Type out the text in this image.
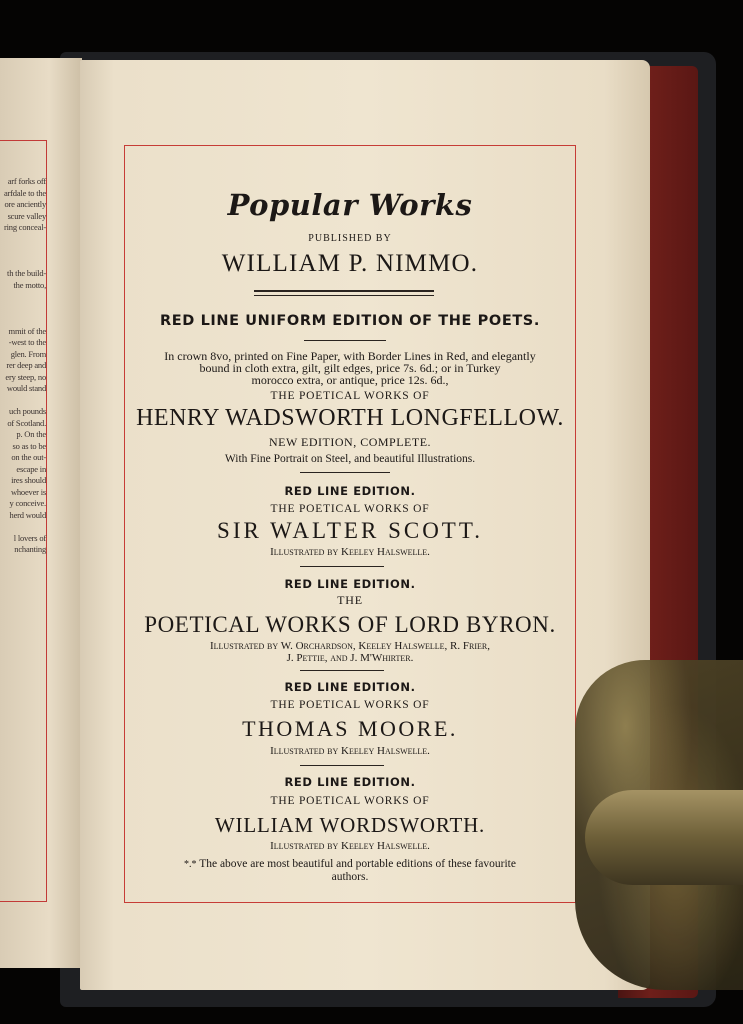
arf forks off
arfdale to the
ore anciently
scure valley
ring conceal-

th the build-
the motto,

mmit of the
-west to the
glen. From
rer deep and
ery steep, no
would stand

uch pounds
of Scotland.
p. On the
so as to be
on the out-
escape in
ires should
whoever is
y conceive.
herd would

l lovers of
nchanting
Popular Works
PUBLISHED BY
WILLIAM P. NIMMO.
RED LINE UNIFORM EDITION OF THE POETS.
In crown 8vo, printed on Fine Paper, with Border Lines in Red, and elegantly
bound in cloth extra, gilt, gilt edges, price 7s. 6d.; or in Turkey
morocco extra, or antique, price 12s. 6d.,
THE POETICAL WORKS OF
HENRY WADSWORTH LONGFELLOW.
NEW EDITION, COMPLETE.
With Fine Portrait on Steel, and beautiful Illustrations.
RED LINE EDITION.
THE POETICAL WORKS OF
SIR WALTER SCOTT.
Illustrated by Keeley Halswelle.
RED LINE EDITION.
THE
POETICAL WORKS OF LORD BYRON.
Illustrated by W. Orchardson, Keeley Halswelle, R. Frier,
J. Pettie, and J. M'Whirter.
RED LINE EDITION.
THE POETICAL WORKS OF
THOMAS MOORE.
Illustrated by Keeley Halswelle.
RED LINE EDITION.
THE POETICAL WORKS OF
WILLIAM WORDSWORTH.
Illustrated by Keeley Halswelle.
*.* The above are most beautiful and portable editions of these favourite
authors.
